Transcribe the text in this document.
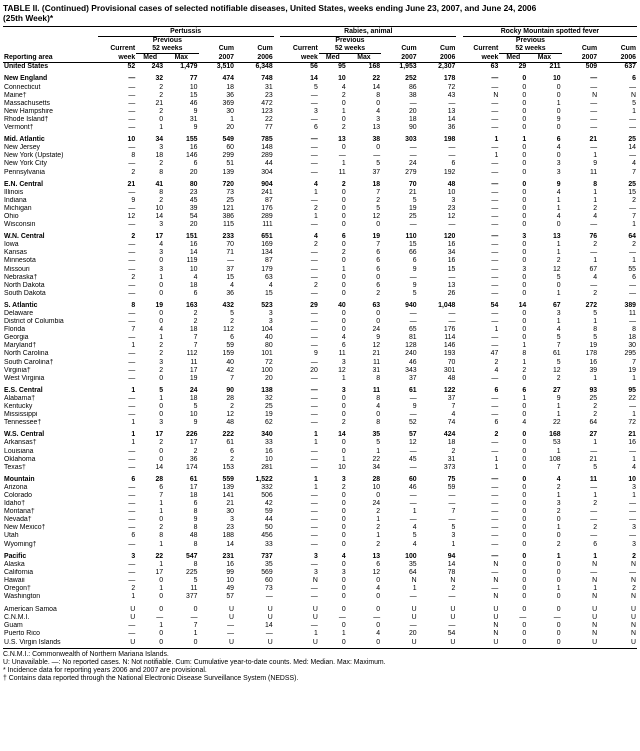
TABLE II. (Continued) Provisional cases of selected notifiable diseases, United States, weeks ending June 23, 2007, and June 24, 2006
(25th Week)*
	Pertussis						Rabies, animal						Rocky Mountain spotted fever				
		Previous						Previous						Previous			
	Current	52 weeks		Cum	Cum		Current	52 weeks		Cum	Cum		Current	52 weeks		Cum	Cum
Reporting area	week	Med	Max	2007	2006		week	Med	Max	2007	2006		week	Med	Max	2007	2006
United States	52	243	1,479	3,510	6,348		56	95	168	1,953	2,307		63	29	211	509	637
New England	—	32	77	474	748		14	10	22	252	178		—	0	10	—	6
Connecticut	—	2	10	18	31		5	4	14	86	72		—	0	0	—	—
Maine†	—	2	15	36	23		—	2	8	38	43		N	0	0	N	N
Massachusetts	—	21	46	369	472		—	0	0	—	—		—	0	1	—	5
New Hampshire	—	2	9	30	123		3	1	4	20	13		—	0	0	—	1
Rhode Island†	—	0	31	1	22		—	0	3	18	14		—	0	9	—	—
Vermont†	—	1	9	20	77		6	2	13	90	36		—	0	0	—	—
Mid. Atlantic	10	34	155	549	785		—	13	38	303	198		1	1	6	21	25
New Jersey	—	3	16	60	148		—	0	0	—	—		—	0	4	—	14
New York (Upstate)	8	18	146	299	289		—	—	—	—	—		1	0	0	1	—
New York City	—	2	6	51	44		—	1	5	24	6		—	0	3	9	4
Pennsylvania	2	8	20	139	304		—	11	37	279	192		—	0	3	11	7
E.N. Central	21	41	80	720	904		4	2	18	70	48		—	0	9	8	25
Illinois	—	8	23	73	241		1	0	7	21	10		—	0	4	1	15
Indiana	9	2	45	25	87		—	0	2	5	3		—	0	1	1	2
Michigan	—	10	39	121	176		2	0	5	19	23		—	0	1	2	—
Ohio	12	14	54	386	289		1	0	12	25	12		—	0	4	4	7
Wisconsin	—	3	20	115	111		—	0	0	—	—		—	0	0	—	1
W.N. Central	2	17	151	233	651		4	6	19	110	120		—	3	13	76	64
Iowa	—	4	16	70	169		2	0	7	15	16		—	0	1	2	2
Kansas	—	3	14	71	134		—	2	6	66	34		—	0	1	—	—
Minnesota	—	0	119	—	87		—	0	6	6	16		—	0	2	1	1
Missouri	—	3	10	37	179		—	1	6	9	15		—	3	12	67	55
Nebraska†	2	1	4	15	63		—	0	0	—	—		—	0	5	4	6
North Dakota	—	0	18	4	4		2	0	6	9	13		—	0	0	—	—
South Dakota	—	0	6	36	15		—	0	2	5	26		—	0	1	2	—
S. Atlantic	8	19	163	432	523		29	40	63	940	1,048		54	14	67	272	389
Delaware	—	0	2	5	3		—	0	0	—	—		—	0	3	5	11
District of Columbia	—	0	2	2	3		—	0	0	—	—		—	0	1	1	—
Florida	7	4	18	112	104		—	0	24	65	176		1	0	4	8	8
Georgia	—	1	7	6	40		—	4	9	81	114		—	0	5	5	18
Maryland†	1	2	7	59	80		—	6	12	128	146		—	1	7	19	30
North Carolina	—	2	112	159	101		9	11	21	240	193		47	8	61	178	295
South Carolina†	—	3	11	40	72		—	3	11	46	70		2	1	5	16	7
Virginia†	—	2	17	42	100		20	12	31	343	301		4	2	12	39	19
West Virginia	—	0	19	7	20		—	1	8	37	48		—	0	2	1	1
E.S. Central	1	5	24	90	138		—	3	11	61	122		6	6	27	93	95
Alabama†	—	1	18	28	32		—	0	8	—	37		—	1	9	25	22
Kentucky	—	0	5	2	25		—	0	4	9	7		—	0	1	2	—
Mississippi	—	0	10	12	19		—	0	0	—	4		—	0	1	2	1
Tennessee†	1	3	9	48	62		—	2	8	52	74		6	4	22	64	72
W.S. Central	1	17	226	222	340		1	14	35	57	424		2	0	168	27	21
Arkansas†	1	2	17	61	33		1	0	5	12	18		—	0	53	1	16
Louisiana	—	0	2	6	16		—	0	1	—	2		—	0	1	—	—
Oklahoma	—	0	36	2	10		—	1	22	45	31		1	0	108	21	1
Texas†	—	14	174	153	281		—	10	34	—	373		1	0	7	5	4
Mountain	6	28	61	559	1,522		1	3	28	60	75		—	0	4	11	10
Arizona	—	6	17	139	332		1	2	10	46	59		—	0	2	—	3
Colorado	—	7	18	141	506		—	0	0	—	—		—	0	1	1	1
Idaho†	—	1	6	21	42		—	0	24	—	—		—	0	3	2	—
Montana†	—	1	8	30	59		—	0	2	1	7		—	0	2	—	—
Nevada†	—	0	9	3	44		—	0	1	—	—		—	0	0	—	—
New Mexico†	—	2	8	23	50		—	0	2	4	5		—	0	1	2	3
Utah	6	8	48	188	456		—	0	1	5	3		—	0	0	—	—
Wyoming†	—	1	8	14	33		—	0	2	4	1		—	0	2	6	3
Pacific	3	22	547	231	737		3	4	13	100	94		—	0	1	1	2
Alaska	—	1	8	16	35		—	0	6	35	14		N	0	0	N	N
California	—	17	225	99	569		3	3	12	64	78		—	0	0	—	—
Hawaii	—	0	5	10	60		N	0	0	N	N		N	0	0	N	N
Oregon†	2	1	11	49	73		—	0	4	1	2		—	0	1	1	2
Washington	1	0	377	57	—		—	0	0	—	—		N	0	0	N	N
American Samoa	U	0	0	U	U		U	0	0	U	U		U	0	0	U	U
C.N.M.I.	U	—	—	U	U		U	—	—	U	U		U	—	—	U	U
Guam	—	1	7	—	14		—	0	0	—	—		N	0	0	N	N
Puerto Rico	—	0	1	—	—		1	1	4	20	54		N	0	0	N	N
U.S. Virgin Islands	U	0	0	U	U		U	0	0	U	U		U	0	0	U	U
C.N.M.I.: Commonwealth of Northern Mariana Islands.
U: Unavailable. —: No reported cases. N: Not notifiable. Cum: Cumulative year-to-date counts. Med: Median. Max: Maximum.
* Incidence data for reporting years 2006 and 2007 are provisional.
† Contains data reported through the National Electronic Disease Surveillance System (NEDSS).
